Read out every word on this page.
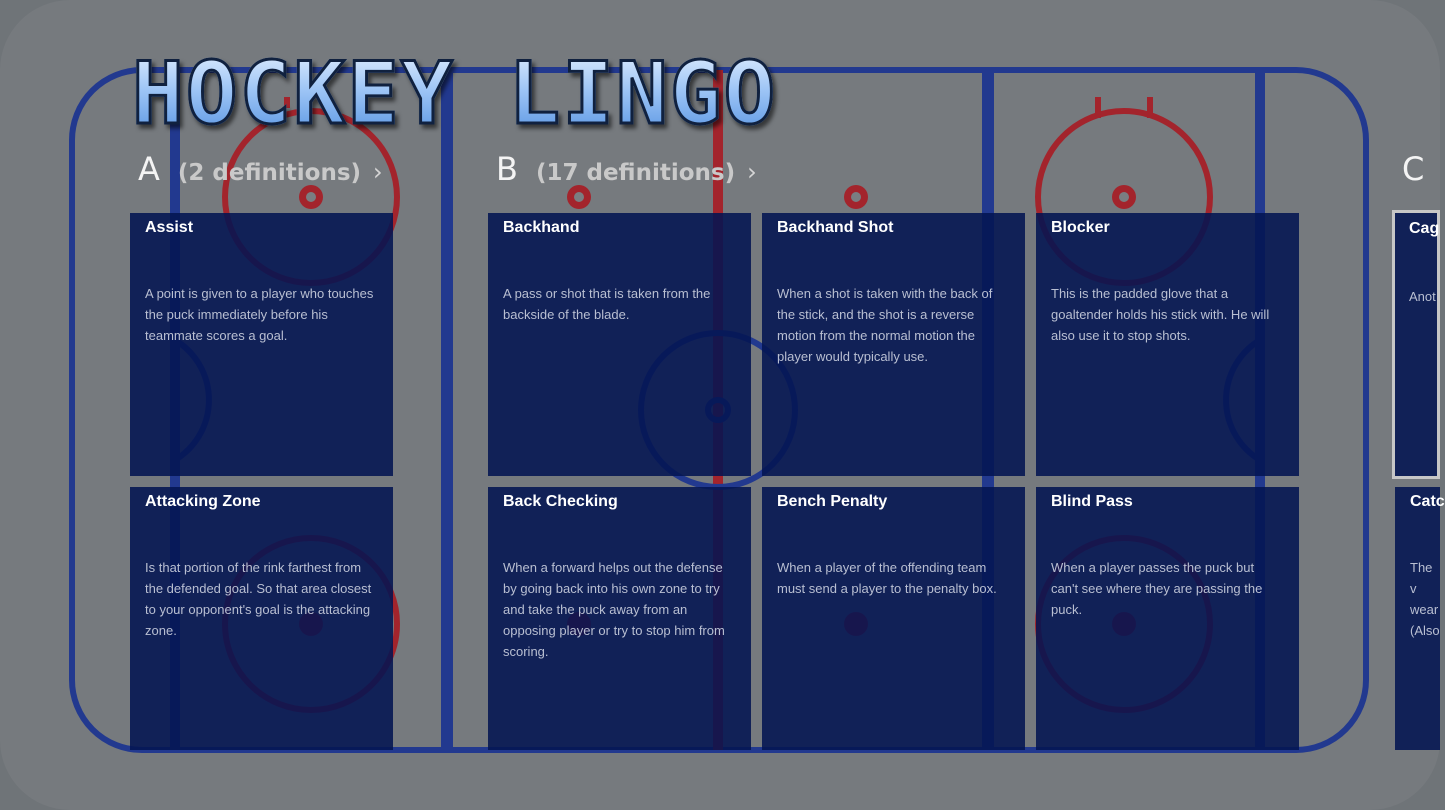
HOCKEY LINGO
A (2 definitions) ›	B (17 definitions) ›	C
Assist
A point is given to a player who touches the puck immediately before his teammate scores a goal.
Attacking Zone
Is that portion of the rink farthest from the defended goal. So that area closest to your opponent's goal is the attacking zone.
Backhand
A pass or shot that is taken from the backside of the blade.
Back Checking
When a forward helps out the defense by going back into his own zone to try and take the puck away from an opposing player or try to stop him from scoring.
Backhand Shot
When a shot is taken with the back of the stick, and the shot is a reverse motion from the normal motion the player would typically use.
Bench Penalty
When a player of the offending team must send a player to the penalty box.
Blocker
This is the padded glove that a goaltender holds his stick with. He will also use it to stop shots.
Blind Pass
When a player passes the puck but can't see where they are passing the puck.
Cag
Anot
Catc
The v wear (Also
